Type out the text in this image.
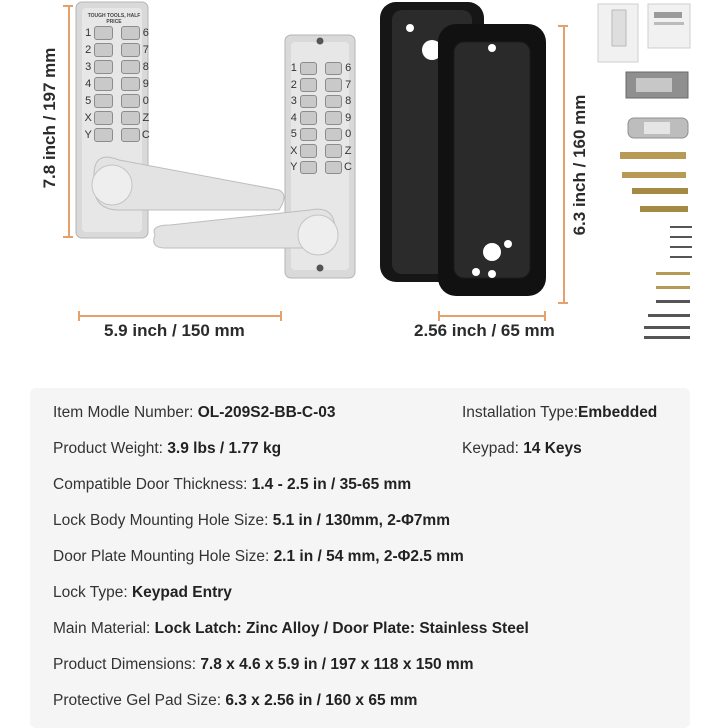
7.8 inch / 197 mm
TOUGH TOOLS, HALF PRICE
1	6
2	7
3	8
4	9
5	0
X	Z
Y	C
1	6
2	7
3	8
4	9
5	0
X	Z
Y	C
5.9 inch / 150 mm
6.3 inch / 160 mm
2.56 inch / 65 mm
Item Modle Number: OL-209S2-BB-C-03	Installation Type:Embedded
Product Weight: 3.9 lbs / 1.77 kg	Keypad: 14 Keys
Compatible Door Thickness: 1.4 - 2.5 in / 35-65 mm
Lock Body Mounting Hole Size: 5.1 in / 130mm, 2-Φ7mm
Door Plate Mounting Hole Size: 2.1 in / 54 mm, 2-Φ2.5 mm
Lock Type: Keypad Entry
Main Material: Lock Latch: Zinc Alloy / Door Plate: Stainless Steel
Product Dimensions: 7.8 x 4.6 x 5.9 in / 197 x 118 x 150 mm
Protective Gel Pad Size: 6.3 x 2.56 in / 160 x 65 mm
